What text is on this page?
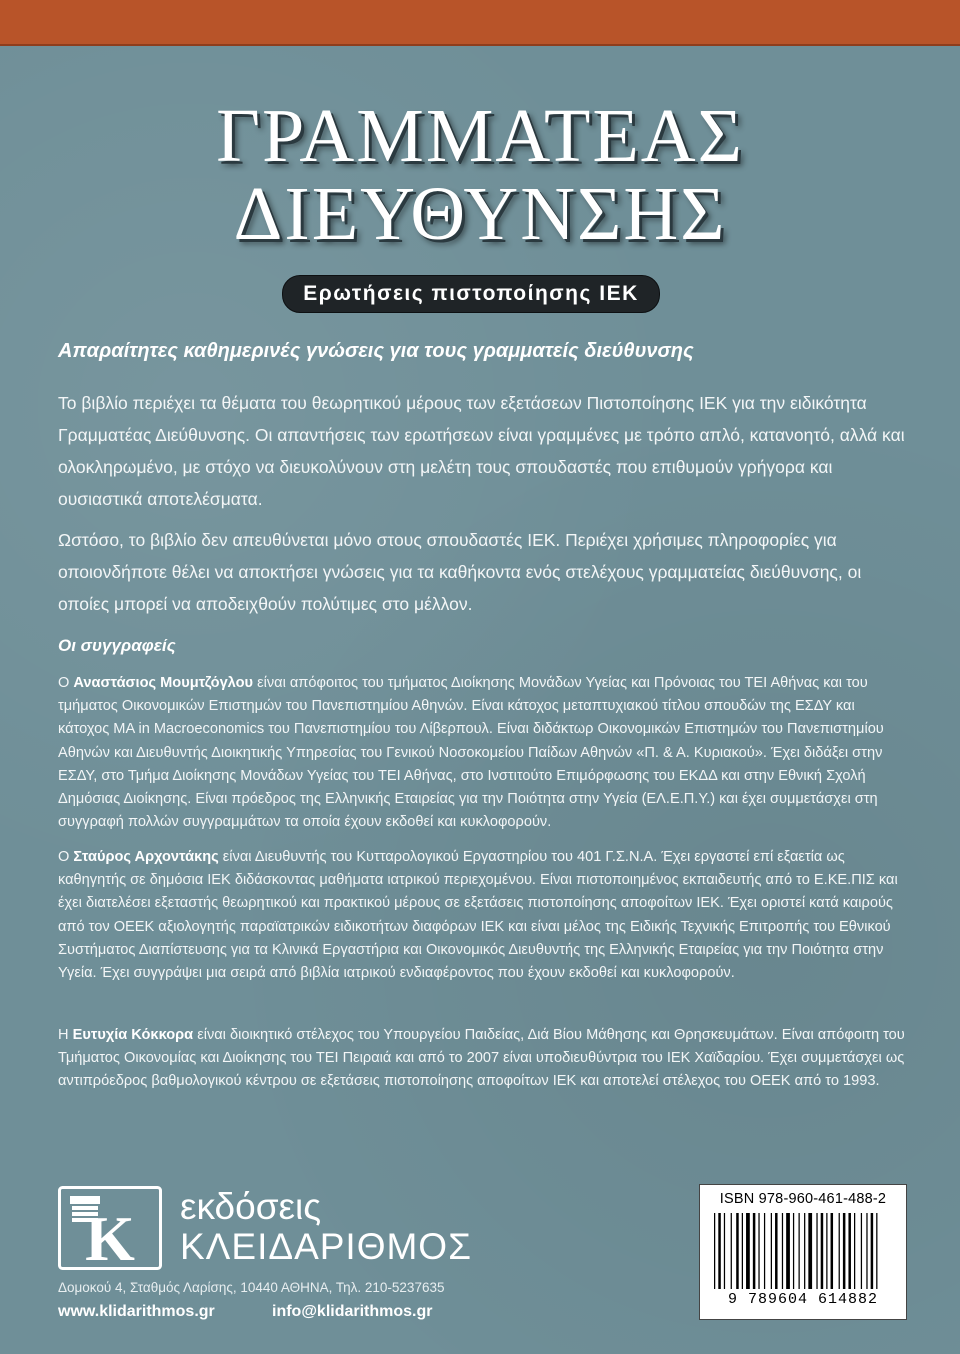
ΓΡΑΜΜΑΤΕΑΣ
ΔΙΕΥΘΥΝΣΗΣ
Ερωτήσεις πιστοποίησης ΙΕΚ
Απαραίτητες καθημερινές γνώσεις για τους γραμματείς διεύθυνσης

Το βιβλίο περιέχει τα θέματα του θεωρητικού μέρους των εξετάσεων Πιστοποίησης ΙΕΚ για την ειδικότητα Γραμματέας Διεύθυνσης. Οι απαντήσεις των ερωτήσεων είναι γραμμένες με τρόπο απλό, κατανοητό, αλλά και ολοκληρωμένο, με στόχο να διευκολύνουν στη μελέτη τους σπουδαστές που επιθυμούν γρήγορα και ουσιαστικά αποτελέσματα.

Ωστόσο, το βιβλίο δεν απευθύνεται μόνο στους σπουδαστές ΙΕΚ. Περιέχει χρήσιμες πληροφορίες για οποιονδήποτε θέλει να αποκτήσει γνώσεις για τα καθήκοντα ενός στελέχους γραμματείας διεύθυνσης, οι οποίες μπορεί να αποδειχθούν πολύτιμες στο μέλλον.

Οι συγγραφείς

Ο Αναστάσιος Μουμτζόγλου είναι απόφοιτος του τμήματος Διοίκησης Μονάδων Υγείας και Πρόνοιας του ΤΕΙ Αθήνας και του τμήματος Οικονομικών Επιστημών του Πανεπιστημίου Αθηνών. Είναι κάτοχος μεταπτυχιακού τίτλου σπουδών της ΕΣΔΥ και κάτοχος ΜΑ in Macroeconomics του Πανεπιστημίου του Λίβερπουλ. Είναι διδάκτωρ Οικονομικών Επιστημών του Πανεπιστημίου Αθηνών και Διευθυντής Διοικητικής Υπηρεσίας του Γενικού Νοσοκομείου Παίδων Αθηνών «Π. & Α. Κυριακού». Έχει διδάξει στην ΕΣΔΥ, στο Τμήμα Διοίκησης Μονάδων Υγείας του ΤΕΙ Αθήνας, στο Ινστιτούτο Επιμόρφωσης του ΕΚΔΔ και στην Εθνική Σχολή Δημόσιας Διοίκησης. Είναι πρόεδρος της Ελληνικής Εταιρείας για την Ποιότητα στην Υγεία (ΕΛ.Ε.Π.Υ.) και έχει συμμετάσχει στη συγγραφή πολλών συγγραμμάτων τα οποία έχουν εκδοθεί και κυκλοφορούν.

Ο Σταύρος Αρχοντάκης είναι Διευθυντής του Κυτταρολογικού Εργαστηρίου του 401 Γ.Σ.Ν.Α. Έχει εργαστεί επί εξαετία ως καθηγητής σε δημόσια ΙΕΚ διδάσκοντας μαθήματα ιατρικού περιεχομένου. Είναι πιστοποιημένος εκπαιδευτής από το Ε.ΚΕ.ΠΙΣ και έχει διατελέσει εξεταστής θεωρητικού και πρακτικού μέρους σε εξετάσεις πιστοποίησης αποφοίτων ΙΕΚ. Έχει οριστεί κατά καιρούς από τον ΟΕΕΚ αξιολογητής παραϊατρικών ειδικοτήτων διαφόρων ΙΕΚ και είναι μέλος της Ειδικής Τεχνικής Επιτροπής του Εθνικού Συστήματος Διαπίστευσης για τα Κλινικά Εργαστήρια και Οικονομικός Διευθυντής της Ελληνικής Εταιρείας για την Ποιότητα στην Υγεία. Έχει συγγράψει μια σειρά από βιβλία ιατρικού ενδιαφέροντος που έχουν εκδοθεί και κυκλοφορούν.

Η Ευτυχία Κόκκορα είναι διοικητικό στέλεχος του Υπουργείου Παιδείας, Διά Βίου Μάθησης και Θρησκευμάτων. Είναι απόφοιτη του Τμήματος Οικονομίας και Διοίκησης του ΤΕΙ Πειραιά και από το 2007 είναι υπoδιευθύντρια του ΙΕΚ Χαϊδαρίου. Έχει συμμετάσχει ως αντιπρόεδρος βαθμολογικού κέντρου σε εξετάσεις πιστοποίησης αποφοίτων ΙΕΚ και αποτελεί στέλεχος του ΟΕΕΚ από το 1993.

K εκδόσεις
ΚΛΕΙΔΑΡΙΘΜΟΣ
Δομοκού 4, Σταθμός Λαρίσης, 10440 ΑΘΗΝΑ, Τηλ. 210-5237635
www.klidarithmos.gr	info@klidarithmos.gr
ISBN 978-960-461-488-2
9 789604 614882
